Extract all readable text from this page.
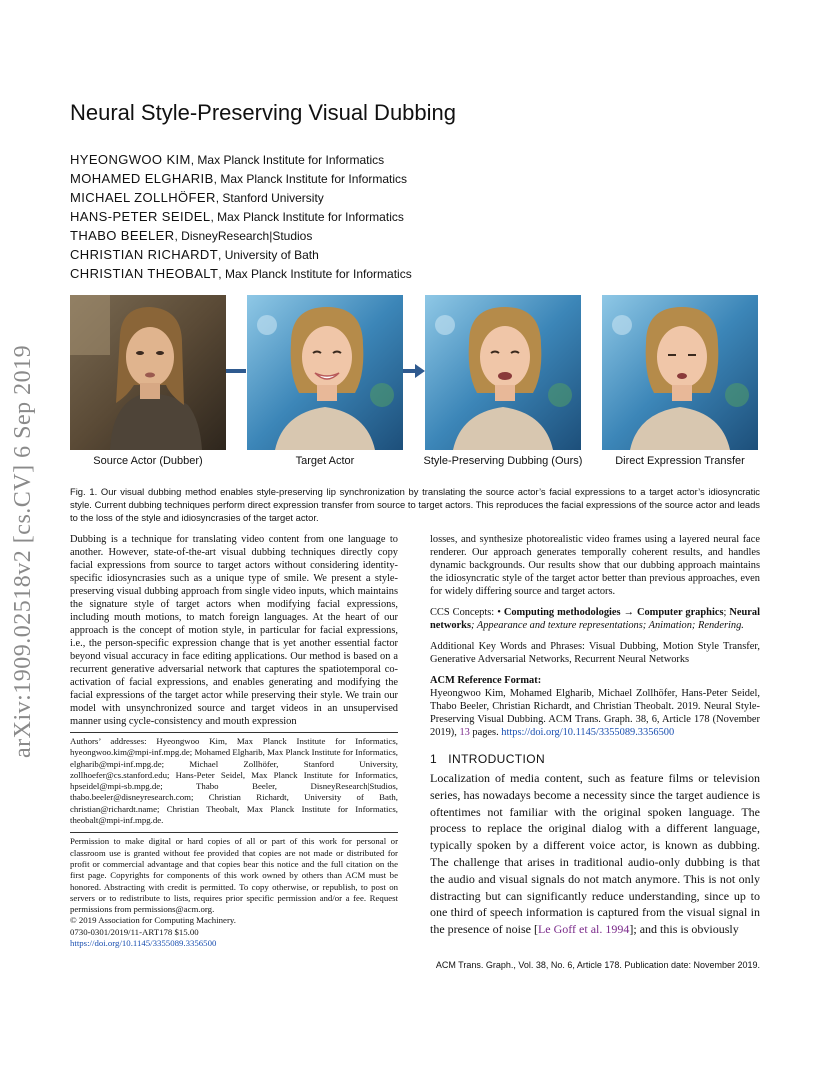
arXiv:1909.02518v2 [cs.CV] 6 Sep 2019
Neural Style-Preserving Visual Dubbing
HYEONGWOO KIM, Max Planck Institute for Informatics
MOHAMED ELGHARIB, Max Planck Institute for Informatics
MICHAEL ZOLLHÖFER, Stanford University
HANS-PETER SEIDEL, Max Planck Institute for Informatics
THABO BEELER, DisneyResearch|Studios
CHRISTIAN RICHARDT, University of Bath
CHRISTIAN THEOBALT, Max Planck Institute for Informatics
Source Actor (Dubber)	Target Actor	Style-Preserving Dubbing (Ours)	Direct Expression Transfer
Fig. 1. Our visual dubbing method enables style-preserving lip synchronization by translating the source actor’s facial expressions to a target actor’s idiosyncratic style. Current dubbing techniques perform direct expression transfer from source to target actors. This reproduces the facial expressions of the source actor and leads to the loss of the style and idiosyncrasies of the target actor.

Dubbing is a technique for translating video content from one language to another. However, state-of-the-art visual dubbing techniques directly copy facial expressions from source to target actors without considering identity-specific idiosyncrasies such as a unique type of smile. We present a style-preserving visual dubbing approach from single video inputs, which maintains the signature style of target actors when modifying facial expressions, including mouth motions, to match foreign languages. At the heart of our approach is the concept of motion style, in particular for facial expressions, i.e., the person-specific expression change that is yet another essential factor beyond visual accuracy in face editing applications. Our method is based on a recurrent generative adversarial network that captures the spatiotemporal co-activation of facial expressions, and enables generating and modifying the facial expressions of the target actor while preserving their style. We train our model with unsynchronized source and target videos in an unsupervised manner using cycle-consistency and mouth expression

Authors’ addresses: Hyeongwoo Kim, Max Planck Institute for Informatics, hyeongwoo.kim@mpi-inf.mpg.de; Mohamed Elgharib, Max Planck Institute for Informatics, elgharib@mpi-inf.mpg.de; Michael Zollhöfer, Stanford University, zollhoefer@cs.stanford.edu; Hans-Peter Seidel, Max Planck Institute for Informatics, hpseidel@mpi-sb.mpg.de; Thabo Beeler, DisneyResearch|Studios, thabo.beeler@disneyresearch.com; Christian Richardt, University of Bath, christian@richardt.name; Christian Theobalt, Max Planck Institute for Informatics, theobalt@mpi-inf.mpg.de.

Permission to make digital or hard copies of all or part of this work for personal or classroom use is granted without fee provided that copies are not made or distributed for profit or commercial advantage and that copies bear this notice and the full citation on the first page. Copyrights for components of this work owned by others than ACM must be honored. Abstracting with credit is permitted. To copy otherwise, or republish, to post on servers or to redistribute to lists, requires prior specific permission and/or a fee. Request permissions from permissions@acm.org.

© 2019 Association for Computing Machinery.

0730-0301/2019/11-ART178 $15.00

https://doi.org/10.1145/3355089.3356500

losses, and synthesize photorealistic video frames using a layered neural face renderer. Our approach generates temporally coherent results, and handles dynamic backgrounds. Our results show that our dubbing approach maintains the idiosyncratic style of the target actor better than previous approaches, even for widely differing source and target actors.

CCS Concepts: • Computing methodologies → Computer graphics; Neural networks; Appearance and texture representations; Animation; Rendering.

Additional Key Words and Phrases: Visual Dubbing, Motion Style Transfer, Generative Adversarial Networks, Recurrent Neural Networks

ACM Reference Format:

Hyeongwoo Kim, Mohamed Elgharib, Michael Zollhöfer, Hans-Peter Seidel, Thabo Beeler, Christian Richardt, and Christian Theobalt. 2019. Neural Style-Preserving Visual Dubbing. ACM Trans. Graph. 38, 6, Article 178 (November 2019), 13 pages. https://doi.org/10.1145/3355089.3356500

1 INTRODUCTION

Localization of media content, such as feature films or television series, has nowadays become a necessity since the target audience is oftentimes not familiar with the original spoken language. The process to replace the original dialog with a different language, typically spoken by a different voice actor, is known as dubbing. The challenge that arises in traditional audio-only dubbing is that the audio and visual signals do not match anymore. This is not only distracting but can significantly reduce understanding, since up to one third of speech information is captured from the visual signal in the presence of noise [Le Goff et al. 1994]; and this is obviously

ACM Trans. Graph., Vol. 38, No. 6, Article 178. Publication date: November 2019.
